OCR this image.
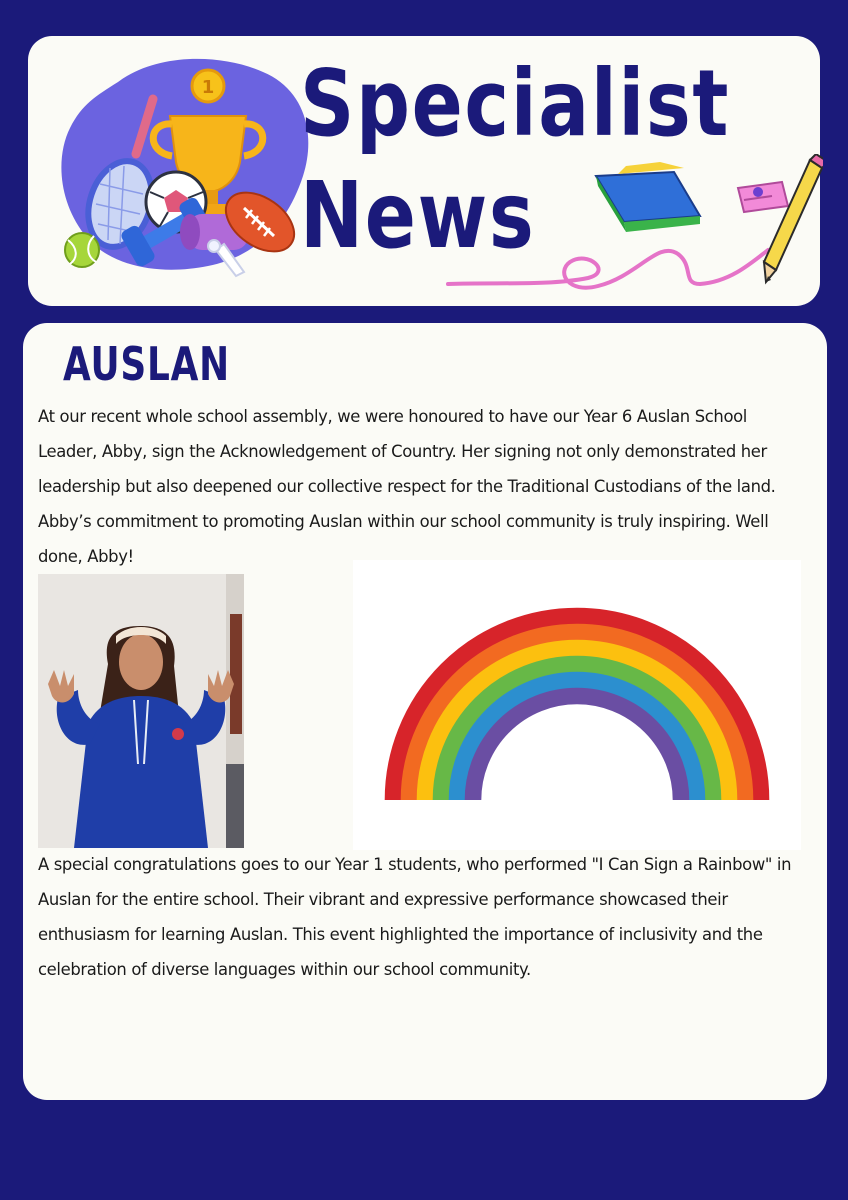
1 Specialist
News
AUSLAN
At our recent whole school assembly, we were honoured to have our Year 6 Auslan School
Leader, Abby, sign the Acknowledgement of Country. Her signing not only demonstrated her
leadership but also deepened our collective respect for the Traditional Custodians of the land.
Abby’s commitment to promoting Auslan within our school community is truly inspiring. Well
done, Abby!
A special congratulations goes to our Year 1 students, who performed "I Can Sign a Rainbow" in
Auslan for the entire school. Their vibrant and expressive performance showcased their
enthusiasm for learning Auslan. This event highlighted the importance of inclusivity and the
celebration of diverse languages within our school community.
